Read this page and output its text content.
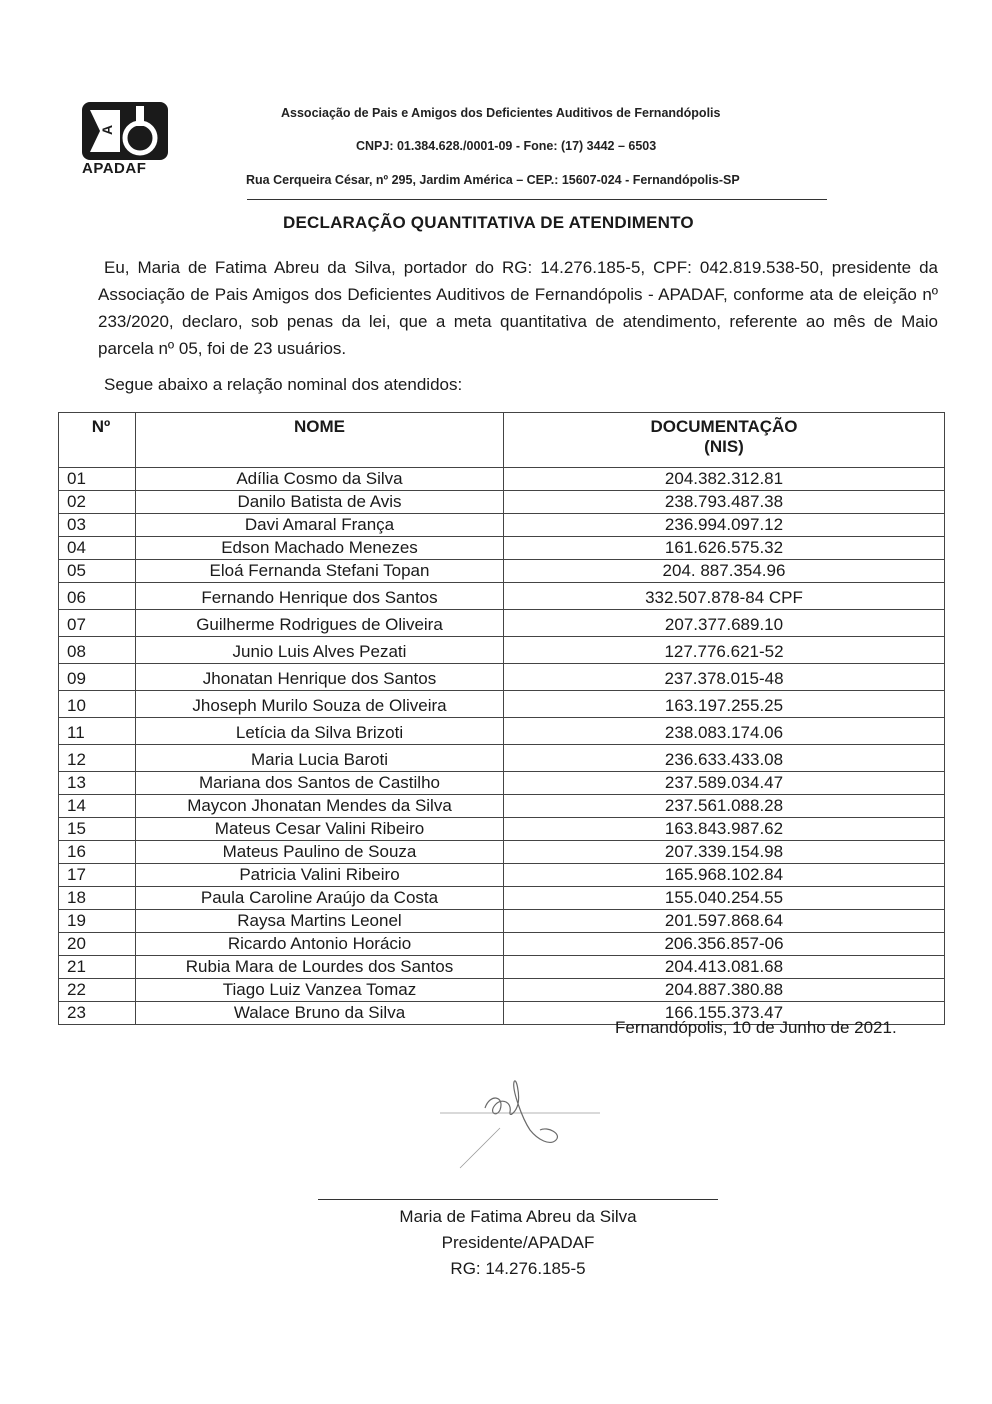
A
APADAF
Associação de Pais e Amigos dos Deficientes Auditivos de Fernandópolis
CNPJ: 01.384.628./0001-09 - Fone: (17) 3442 – 6503
Rua Cerqueira César, nº 295, Jardim América – CEP.: 15607-024 - Fernandópolis-SP
DECLARAÇÃO QUANTITATIVA DE ATENDIMENTO
Eu, Maria de Fatima Abreu da Silva, portador do RG: 14.276.185-5, CPF: 042.819.538-50, presidente da Associação de Pais Amigos dos Deficientes Auditivos de Fernandópolis - APADAF, conforme ata de eleição nº 233/2020, declaro, sob penas da lei, que a meta quantitativa de atendimento, referente ao mês de Maio parcela nº 05, foi de 23 usuários.
Segue abaixo a relação nominal dos atendidos:
Nº	NOME	DOCUMENTAÇÃO
(NIS)

01	Adília Cosmo da Silva	204.382.312.81
02	Danilo Batista de Avis	238.793.487.38
03	Davi Amaral França	236.994.097.12
04	Edson Machado Menezes	161.626.575.32
05	Eloá Fernanda Stefani Topan	204. 887.354.96
06	Fernando Henrique dos Santos	332.507.878-84 CPF
07	Guilherme Rodrigues de Oliveira	207.377.689.10
08	Junio Luis Alves Pezati	127.776.621-52
09	Jhonatan Henrique dos Santos	237.378.015-48
10	Jhoseph Murilo Souza de Oliveira	163.197.255.25
11	Letícia da Silva Brizoti	238.083.174.06
12	Maria Lucia Baroti	236.633.433.08
13	Mariana dos Santos de Castilho	237.589.034.47
14	Maycon Jhonatan Mendes da Silva	237.561.088.28
15	Mateus Cesar Valini Ribeiro	163.843.987.62
16	Mateus Paulino de Souza	207.339.154.98
17	Patricia Valini Ribeiro	165.968.102.84
18	Paula Caroline Araújo da Costa	155.040.254.55
19	Raysa Martins Leonel	201.597.868.64
20	Ricardo Antonio Horácio	206.356.857-06
21	Rubia Mara de Lourdes dos Santos	204.413.081.68
22	Tiago Luiz Vanzea Tomaz	204.887.380.88
23	Walace Bruno da Silva	166.155.373.47
Fernandópolis, 10 de Junho de 2021.
Maria de Fatima Abreu da Silva
Presidente/APADAF
RG: 14.276.185-5
